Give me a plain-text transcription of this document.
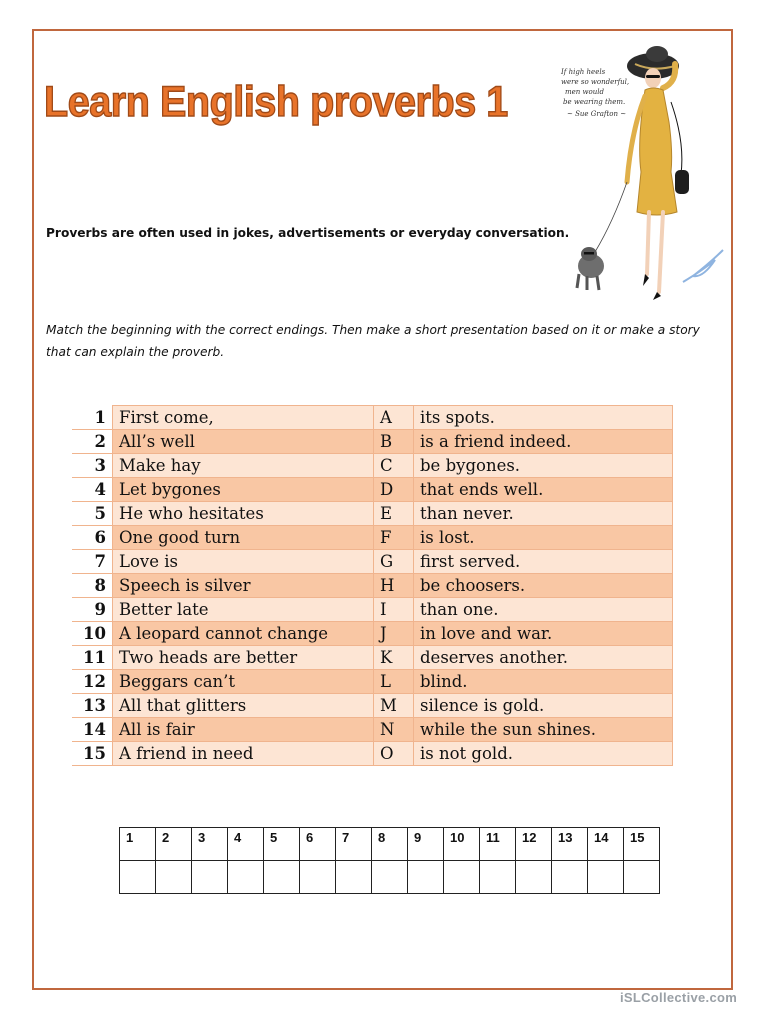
Learn English proverbs 1
If high heels
were so wonderful,
men would
be wearing them.
~ Sue Grafton ~
Proverbs are often used in jokes, advertisements or everyday conversation.
Match the beginning with the correct endings. Then make a short presentation based on it or make a story that can explain the proverb.
1	First come,	A	its spots.
2	All’s well	B	is a friend indeed.
3	Make hay	C	be bygones.
4	Let bygones	D	that ends well.
5	He who hesitates	E	than never.
6	One good turn	F	is lost.
7	Love is	G	first served.
8	Speech is silver	H	be choosers.
9	Better late	I	than one.
10	A leopard cannot change	J	in love and war.
11	Two heads are better	K	deserves another.
12	Beggars can’t	L	blind.
13	All that glitters	M	silence is gold.
14	All is fair	N	while the sun shines.
15	A friend in need	O	is not gold.
1	2	3	4	5	6	7	8	9	10	11	12	13	14	15

iSLCollective.com
